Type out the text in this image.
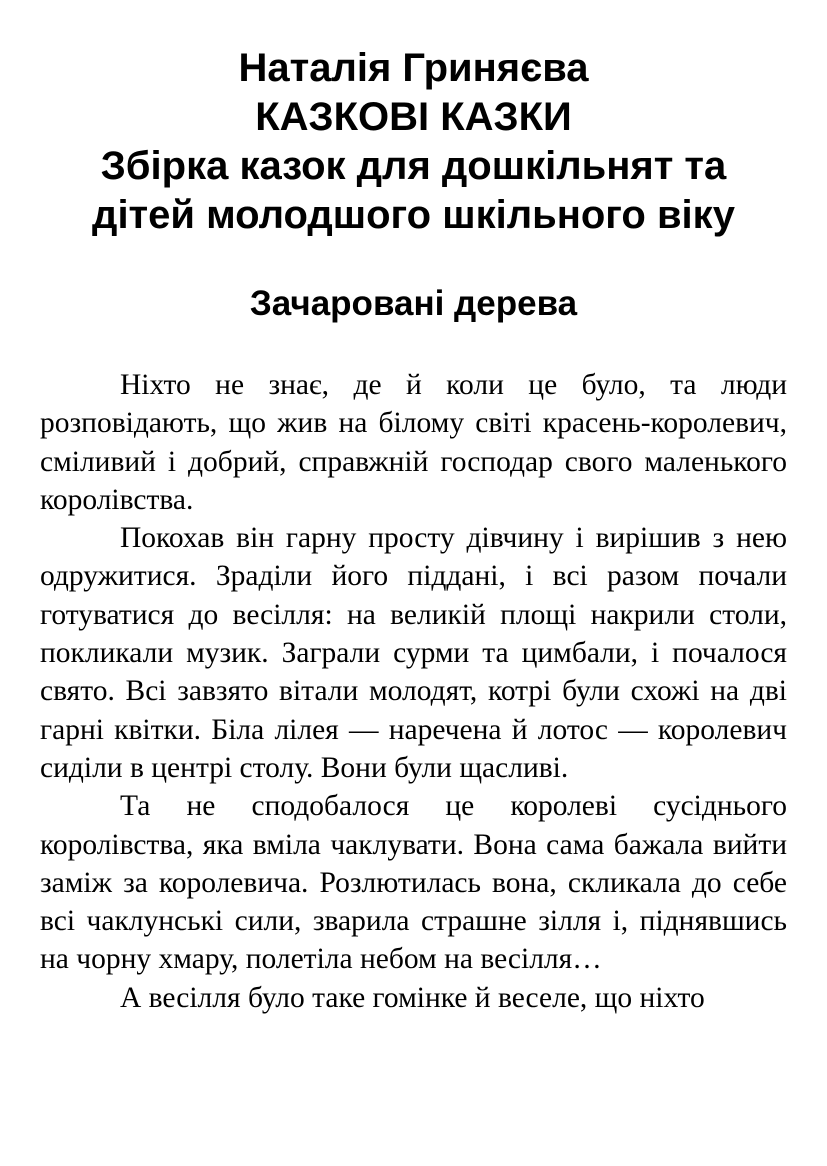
Наталія Гриняєва
КАЗКОВІ КАЗКИ
Збірка казок для дошкільнят та
дітей молодшого шкільного віку
Зачаровані дерева

Ніхто не знає, де й коли це було, та люди розповідають, що жив на білому світі красень-королевич, сміливий і добрий, справжній господар свого маленького королівства.

Покохав він гарну просту дівчину і вирішив з нею одружитися. Зраділи його піддані, і всі разом почали готуватися до весілля: на великій площі накрили столи, покликали музик. Заграли сурми та цимбали, і почалося свято. Всі завзято вітали молодят, котрі були схожі на дві гарні квітки. Біла лілея — наречена й лотос — королевич сиділи в центрі столу. Вони були щасливі.

Та не сподобалося це королеві сусіднього королівства, яка вміла чаклувати. Вона сама бажала вийти заміж за королевича. Розлютилась вона, скликала до себе всі чаклунські сили, зварила страшне зілля і, піднявшись на чорну хмару, полетіла небом на весілля…

А весілля було таке гомінке й веселе, що ніхто
